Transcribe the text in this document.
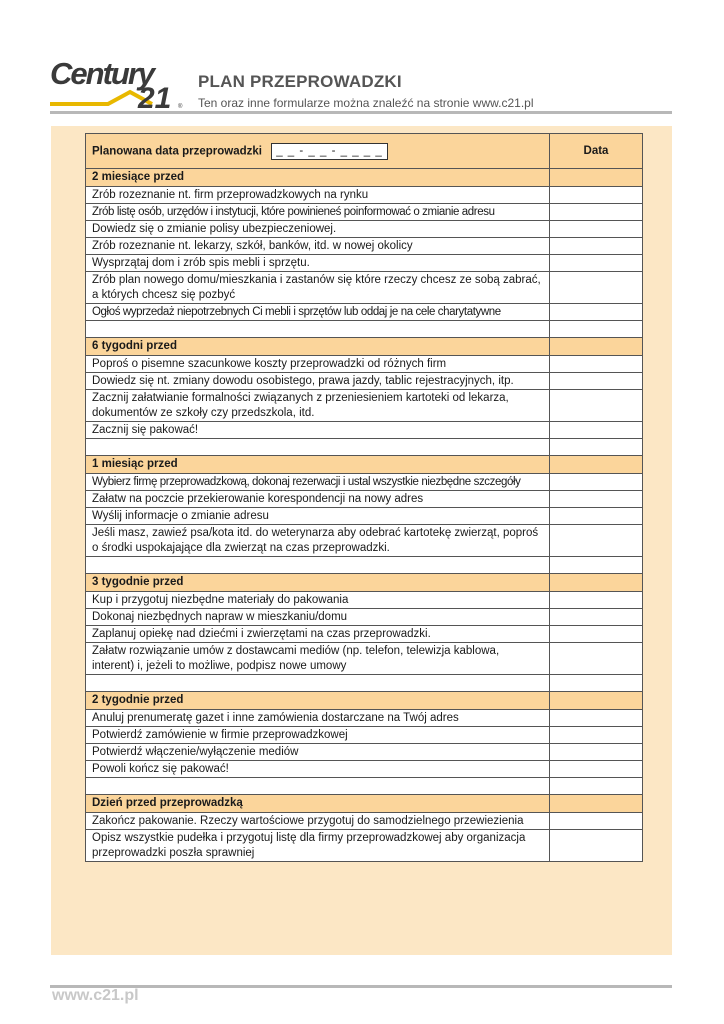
Century
21 ®
PLAN PRZEPROWADZKI
Ten oraz inne formularze można znaleźć na stronie www.c21.pl
Planowana data przeprowadzki _ _ - _ _ - _ _ _ _	Data
2 miesiące przed	
Zrób rozeznanie nt. firm przeprowadzkowych na rynku	
Zrób listę osób, urzędów i instytucji, które powinieneś poinformować o zmianie adresu	
Dowiedz się o zmianie polisy ubezpieczeniowej.	
Zrób rozeznanie nt. lekarzy, szkół, banków, itd. w nowej okolicy	
Wysprzątaj dom i zrób spis mebli i sprzętu.	
Zrób plan nowego domu/mieszkania i zastanów się które rzeczy chcesz ze sobą zabrać, a których chcesz się pozbyć	
Ogłoś wyprzedaż niepotrzebnych Ci mebli i sprzętów lub oddaj je na cele charytatywne	

6 tygodni przed	
Poproś o pisemne szacunkowe koszty przeprowadzki od różnych firm	
Dowiedz się nt. zmiany dowodu osobistego, prawa jazdy, tablic rejestracyjnych, itp.	
Zacznij załatwianie formalności związanych z przeniesieniem kartoteki od lekarza, dokumentów ze szkoły czy przedszkola, itd.	
Zacznij się pakować!	

1 miesiąc przed	
Wybierz firmę przeprowadzkową, dokonaj rezerwacji i ustal wszystkie niezbędne szczegóły	
Załatw na poczcie przekierowanie korespondencji na nowy adres	
Wyślij informacje o zmianie adresu	
Jeśli masz, zawieź psa/kota itd. do weterynarza aby odebrać kartotekę zwierząt, poproś o środki uspokajające dla zwierząt na czas przeprowadzki.	

3 tygodnie przed	
Kup i przygotuj niezbędne materiały do pakowania	
Dokonaj niezbędnych napraw w mieszkaniu/domu	
Zaplanuj opiekę nad dziećmi i zwierzętami na czas przeprowadzki.	
Załatw rozwiązanie umów z dostawcami mediów (np. telefon, telewizja kablowa, interent) i, jeżeli to możliwe, podpisz nowe umowy	

2 tygodnie przed	
Anuluj prenumeratę gazet i inne zamówienia dostarczane na Twój adres	
Potwierdź zamówienie w firmie przeprowadzkowej	
Potwierdź włączenie/wyłączenie mediów	
Powoli kończ się pakować!	

Dzień przed przeprowadzką	
Zakończ pakowanie. Rzeczy wartościowe przygotuj do samodzielnego przewiezienia	
Opisz wszystkie pudełka i przygotuj listę dla firmy przeprowadzkowej aby organizacja przeprowadzki poszła sprawniej	
www.c21.pl
